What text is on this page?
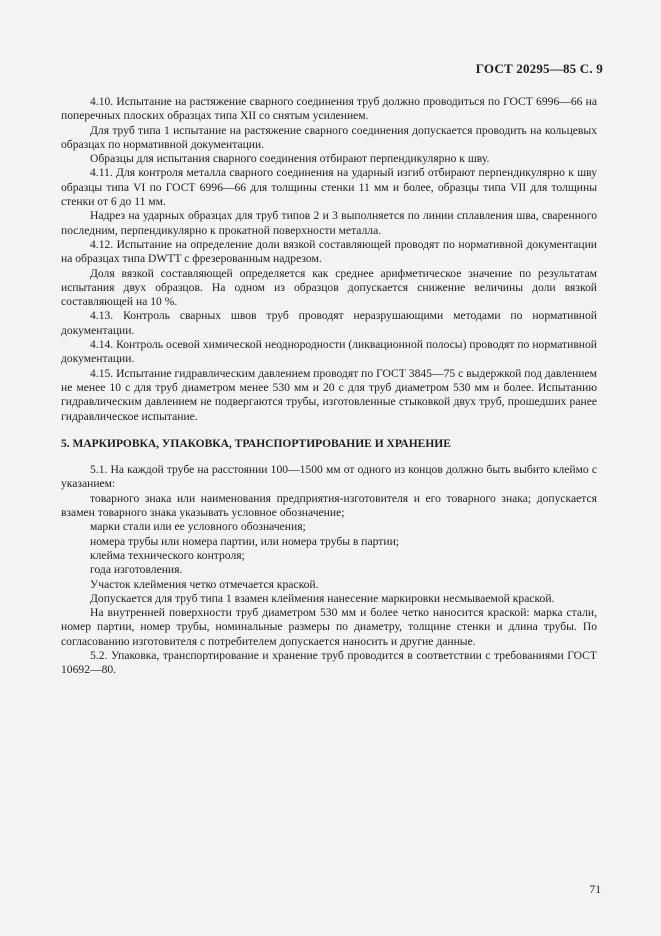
ГОСТ 20295—85 С. 9

4.10. Испытание на растяжение сварного соединения труб должно проводиться по ГОСТ 6996—66 на поперечных плоских образцах типа XII со снятым усилением.

Для труб типа 1 испытание на растяжение сварного соединения допускается проводить на кольцевых образцах по нормативной документации.

Образцы для испытания сварного соединения отбирают перпендикулярно к шву.

4.11. Для контроля металла сварного соединения на ударный изгиб отбирают перпендикулярно к шву образцы типа VI по ГОСТ 6996—66 для толщины стенки 11 мм и более, образцы типа VII для толщины стенки от 6 до 11 мм.

Надрез на ударных образцах для труб типов 2 и 3 выполняется по линии сплавления шва, сваренного последним, перпендикулярно к прокатной поверхности металла.

4.12. Испытание на определение доли вязкой составляющей проводят по нормативной документации на образцах типа DWTT с фрезерованным надрезом.

Доля вязкой составляющей определяется как среднее арифметическое значение по результатам испытания двух образцов. На одном из образцов допускается снижение величины доли вязкой составляющей на 10 %.

4.13. Контроль сварных швов труб проводят неразрушающими методами по нормативной документации.

4.14. Контроль осевой химической неоднородности (ликвационной полосы) проводят по нормативной документации.

4.15. Испытание гидравлическим давлением проводят по ГОСТ 3845—75 с выдержкой под давлением не менее 10 с для труб диаметром менее 530 мм и 20 с для труб диаметром 530 мм и более. Испытанию гидравлическим давлением не подвергаются трубы, изготовленные стыковкой двух труб, прошедших ранее гидравлическое испытание.

5. МАРКИРОВКА, УПАКОВКА, ТРАНСПОРТИРОВАНИЕ И ХРАНЕНИЕ

5.1. На каждой трубе на расстоянии 100—1500 мм от одного из концов должно быть выбито клеймо с указанием:

товарного знака или наименования предприятия-изготовителя и его товарного знака; допускается взамен товарного знака указывать условное обозначение;

марки стали или ее условного обозначения;

номера трубы или номера партии, или номера трубы в партии;

клейма технического контроля;

года изготовления.

Участок клеймения четко отмечается краской.

Допускается для труб типа 1 взамен клеймения нанесение маркировки несмываемой краской.

На внутренней поверхности труб диаметром 530 мм и более четко наносится краской: марка стали, номер партии, номер трубы, номинальные размеры по диаметру, толщине стенки и длина трубы. По согласованию изготовителя с потребителем допускается наносить и другие данные.

5.2. Упаковка, транспортирование и хранение труб проводится в соответствии с требованиями ГОСТ 10692—80.

71
